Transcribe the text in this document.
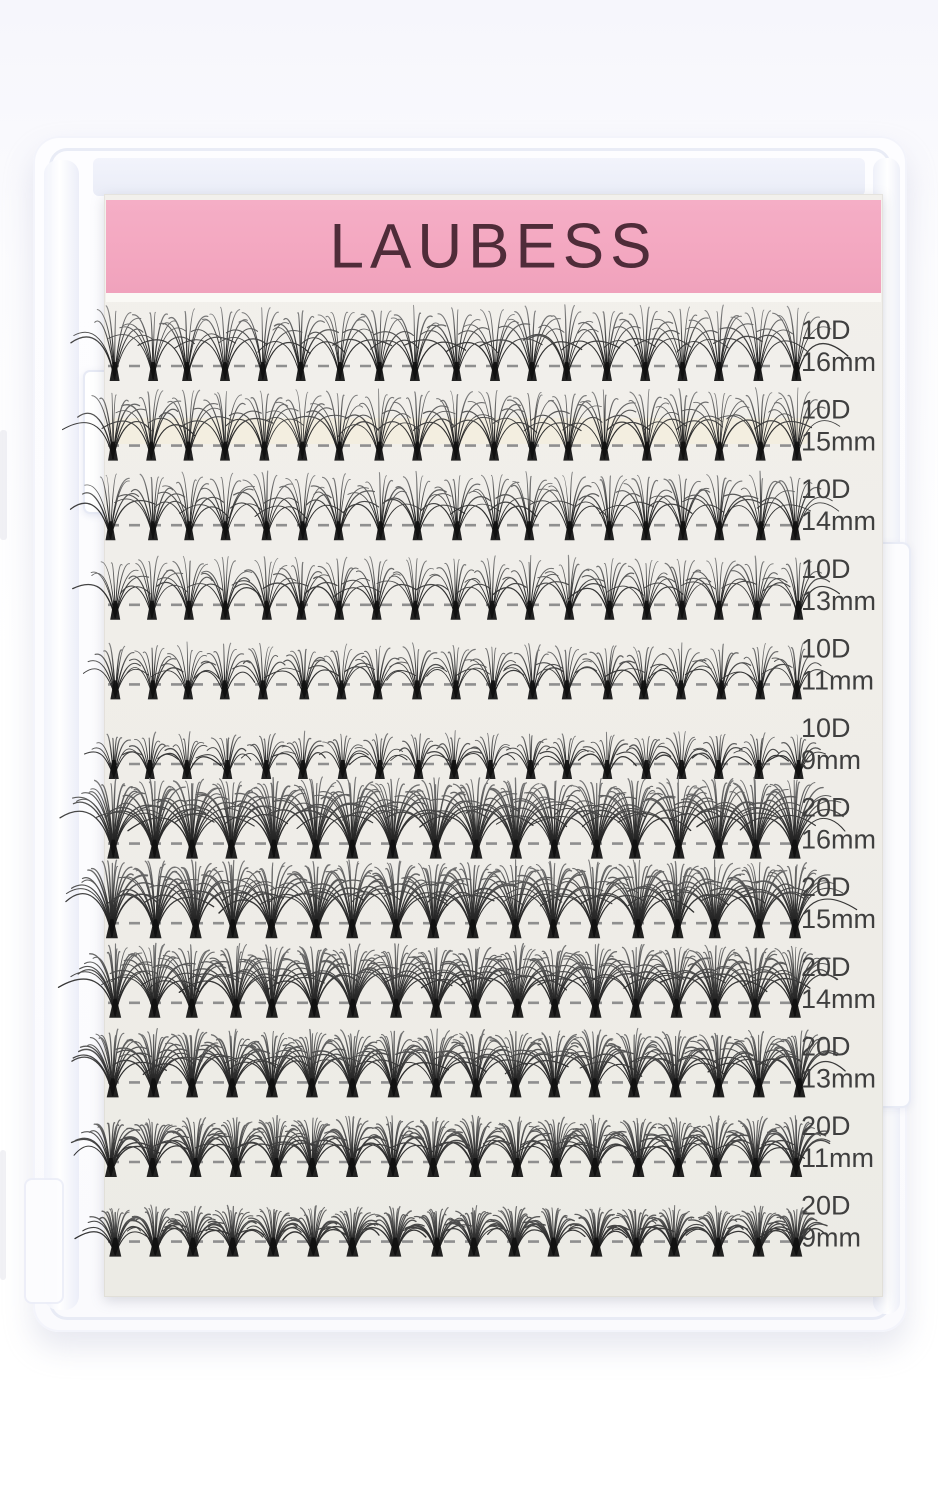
LAUBESS
10D
16mm
10D
15mm
10D
14mm
10D
13mm
10D
11mm
10D
9mm
20D
16mm
20D
15mm
20D
14mm
20D
13mm
20D
11mm
20D
9mm
